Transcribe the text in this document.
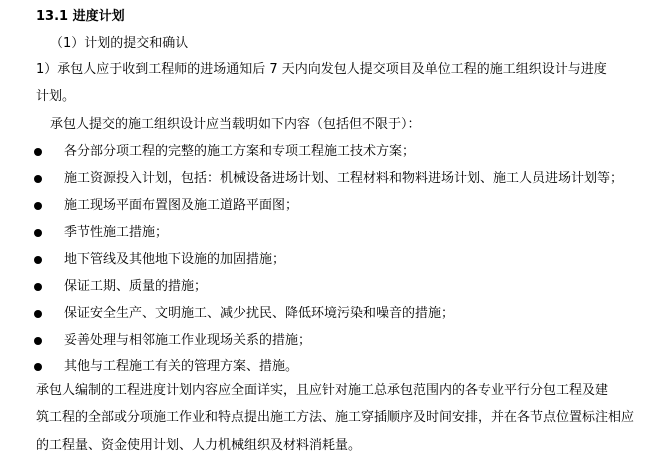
13.1 进度计划
（1）计划的提交和确认
1）承包人应于收到工程师的进场通知后 7 天内向发包人提交项目及单位工程的施工组织设计与进度
计划。
承包人提交的施工组织设计应当载明如下内容（包括但不限于）：
各分部分项工程的完整的施工方案和专项工程施工技术方案；
施工资源投入计划，包括：机械设备进场计划、工程材料和物料进场计划、施工人员进场计划等；
施工现场平面布置图及施工道路平面图；
季节性施工措施；
地下管线及其他地下设施的加固措施；
保证工期、质量的措施；
保证安全生产、文明施工、减少扰民、降低环境污染和噪音的措施；
妥善处理与相邻施工作业现场关系的措施；
其他与工程施工有关的管理方案、措施。
承包人编制的工程进度计划内容应全面详实，且应针对施工总承包范围内的各专业平行分包工程及建
筑工程的全部或分项施工作业和特点提出施工方法、施工穿插顺序及时间安排，并在各节点位置标注相应
的工程量、资金使用计划、人力机械组织及材料消耗量。
